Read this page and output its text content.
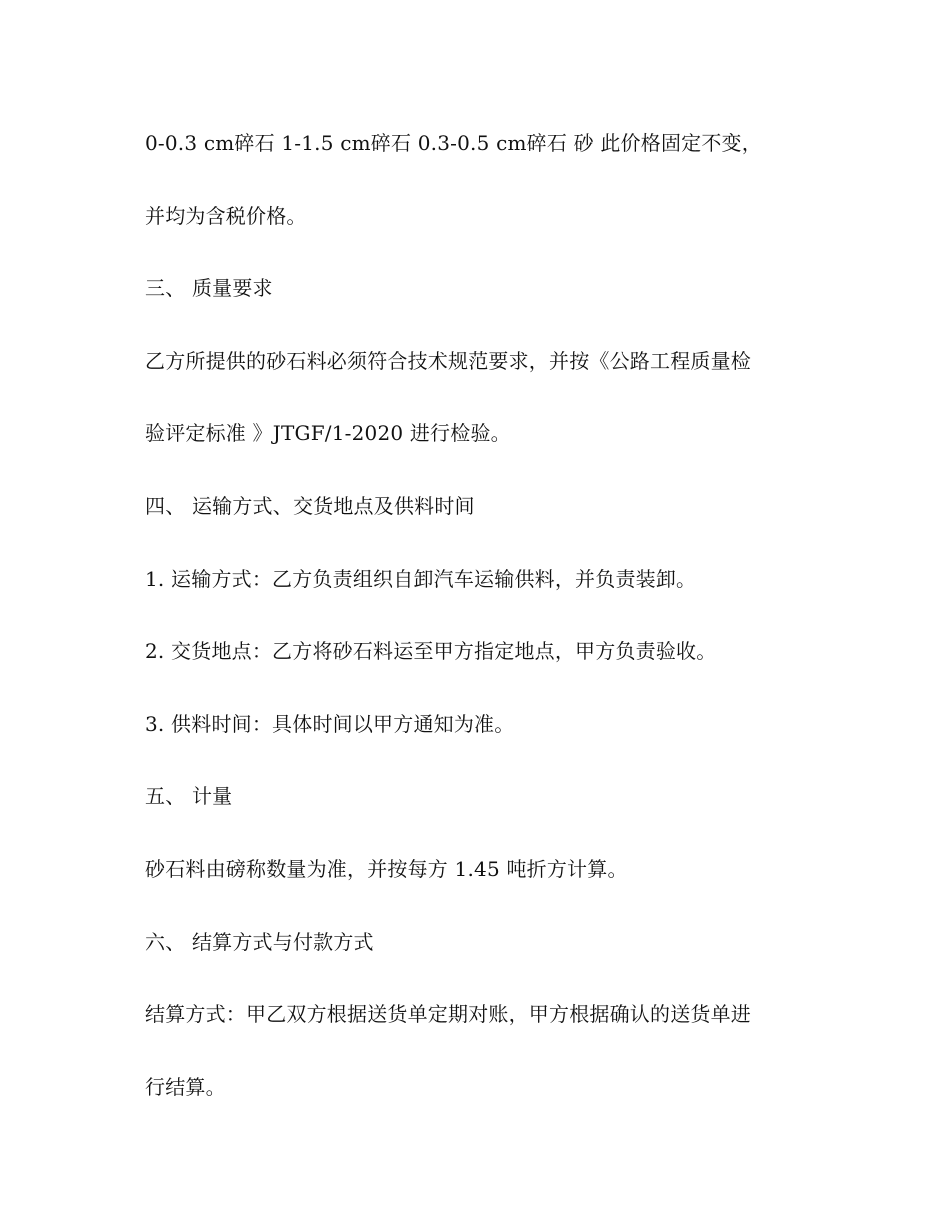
0-0.3 cm碎石 1-1.5 cm碎石 0.3-0.5 cm碎石 砂 此价格固定不变，
并均为含税价格。
三、 质量要求
乙方所提供的砂石料必须符合技术规范要求，并按《公路工程质量检
验评定标准 》JTGF/1-2020 进行检验。
四、 运输方式、交货地点及供料时间
1. 运输方式：乙方负责组织自卸汽车运输供料，并负责装卸。
2. 交货地点：乙方将砂石料运至甲方指定地点，甲方负责验收。
3. 供料时间：具体时间以甲方通知为准。
五、 计量
砂石料由磅称数量为准，并按每方 1.45 吨折方计算。
六、 结算方式与付款方式
结算方式：甲乙双方根据送货单定期对账，甲方根据确认的送货单进
行结算。
